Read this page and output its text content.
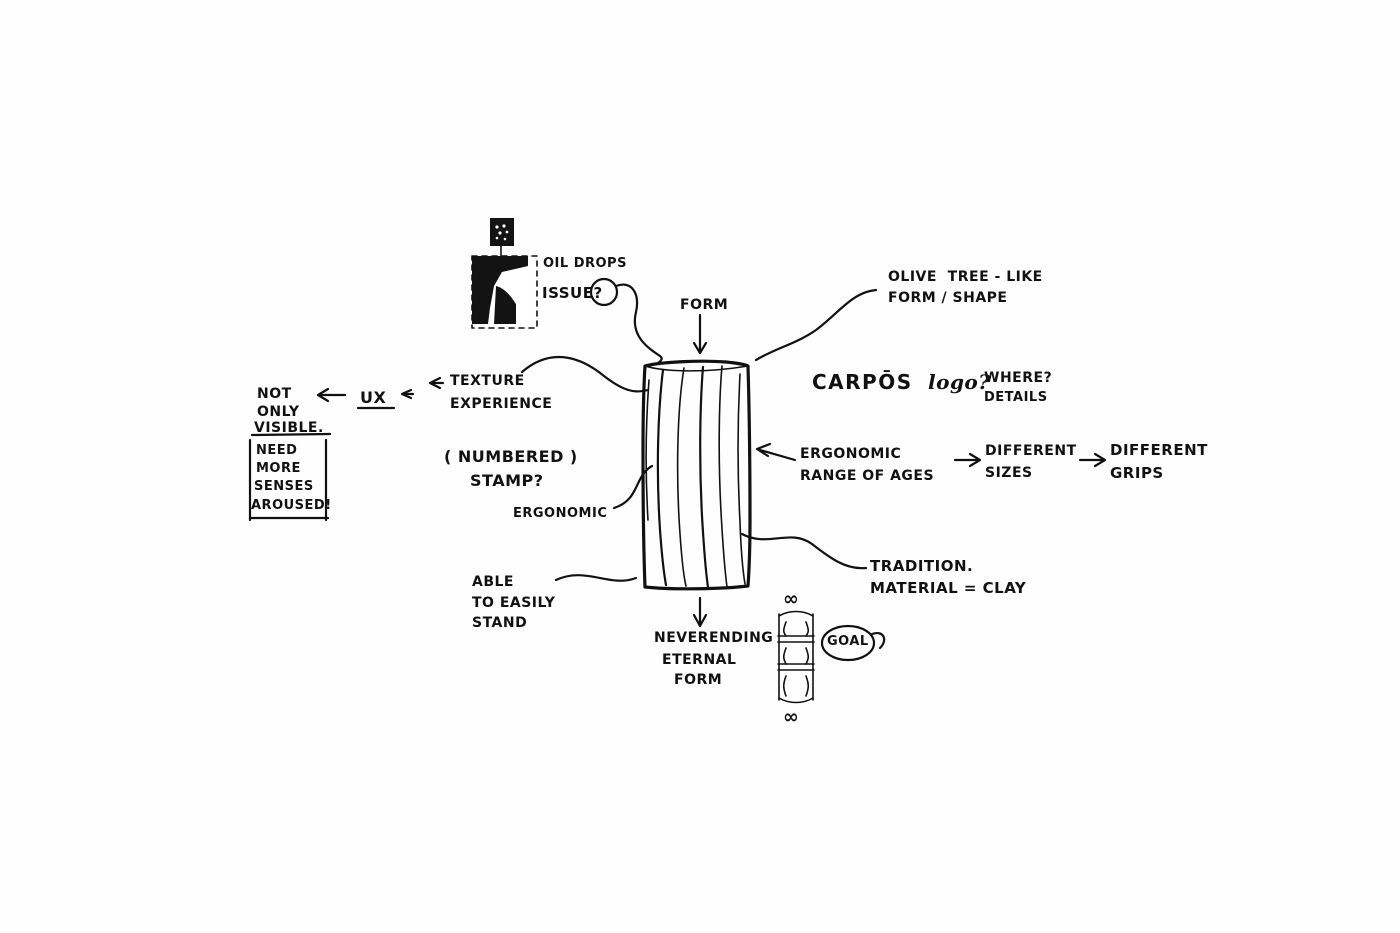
OIL DROPS
ISSUE?
FORM
OLIVE  TREE - LIKE
FORM / SHAPE
CARPŌS logo?
WHERE?
DETAILS
TEXTURE
EXPERIENCE
NOT
ONLY
VISIBLE.
UX
NEED
MORE
SENSES
AROUSED!
( NUMBERED )
STAMP?
ERGONOMIC
ERGONOMIC
RANGE OF AGES
DIFFERENT
SIZES
DIFFERENT
GRIPS
TRADITION.
MATERIAL = CLAY
ABLE
TO EASILY
STAND
NEVERENDING
ETERNAL
FORM
∞
∞
GOAL
